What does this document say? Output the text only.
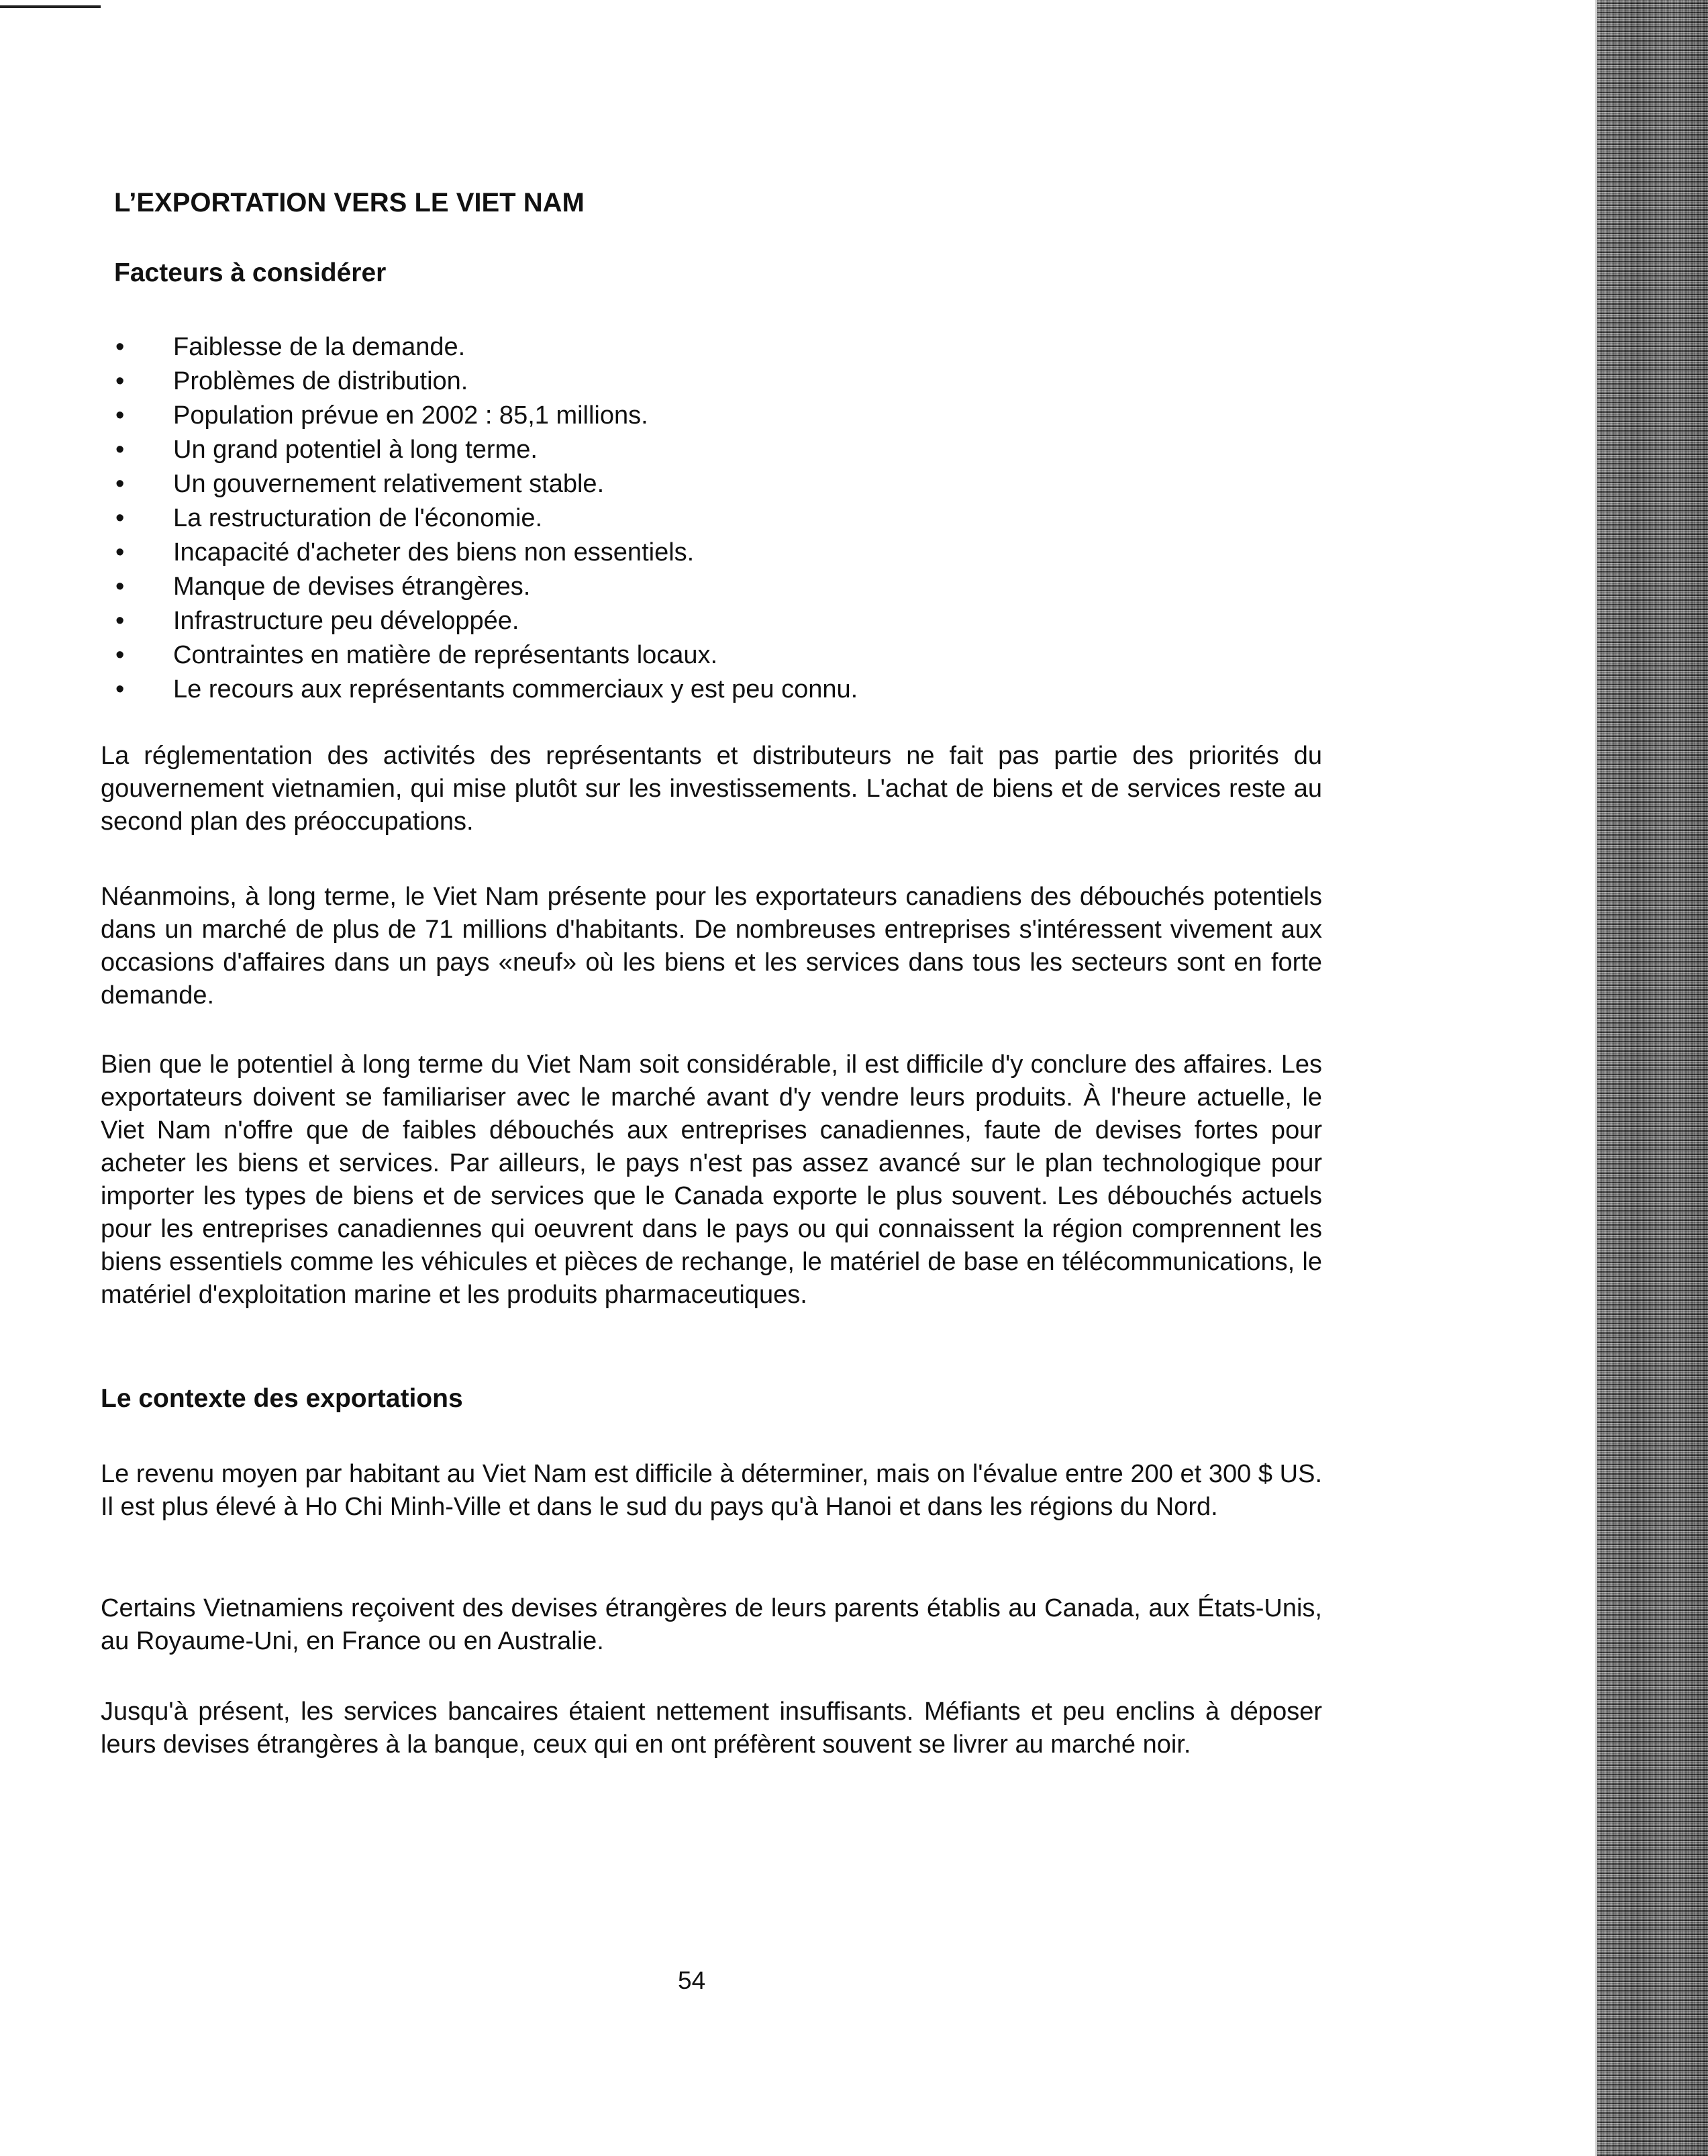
L’EXPORTATION VERS LE VIET NAM
Facteurs à considérer
• Faiblesse de la demande.
• Problèmes de distribution.
• Population prévue en 2002 : 85,1 millions.
• Un grand potentiel à long terme.
• Un gouvernement relativement stable.
• La restructuration de l'économie.
• Incapacité d'acheter des biens non essentiels.
• Manque de devises étrangères.
• Infrastructure peu développée.
• Contraintes en matière de représentants locaux.
• Le recours aux représentants commerciaux y est peu connu.

La réglementation des activités des représentants et distributeurs ne fait pas partie des priorités du gouvernement vietnamien, qui mise plutôt sur les investissements. L'achat de biens et de services reste au second plan des préoccupations.

Néanmoins, à long terme, le Viet Nam présente pour les exportateurs canadiens des débouchés potentiels dans un marché de plus de 71 millions d'habitants. De nombreuses entreprises s'intéressent vivement aux occasions d'affaires dans un pays «neuf» où les biens et les services dans tous les secteurs sont en forte demande.

Bien que le potentiel à long terme du Viet Nam soit considérable, il est difficile d'y conclure des affaires. Les exportateurs doivent se familiariser avec le marché avant d'y vendre leurs produits. À l'heure actuelle, le Viet Nam n'offre que de faibles débouchés aux entreprises canadiennes, faute de devises fortes pour acheter les biens et services. Par ailleurs, le pays n'est pas assez avancé sur le plan technologique pour importer les types de biens et de services que le Canada exporte le plus souvent. Les débouchés actuels pour les entreprises canadiennes qui oeuvrent dans le pays ou qui connaissent la région comprennent les biens essentiels comme les véhicules et pièces de rechange, le matériel de base en télécommunications, le matériel d'exploitation marine et les produits pharmaceutiques.

Le contexte des exportations

Le revenu moyen par habitant au Viet Nam est difficile à déterminer, mais on l'évalue entre 200 et 300 $ US. Il est plus élevé à Ho Chi Minh-Ville et dans le sud du pays qu'à Hanoi et dans les régions du Nord.

Certains Vietnamiens reçoivent des devises étrangères de leurs parents établis au Canada, aux États-Unis, au Royaume-Uni, en France ou en Australie.

Jusqu'à présent, les services bancaires étaient nettement insuffisants. Méfiants et peu enclins à déposer leurs devises étrangères à la banque, ceux qui en ont préfèrent souvent se livrer au marché noir.

54
